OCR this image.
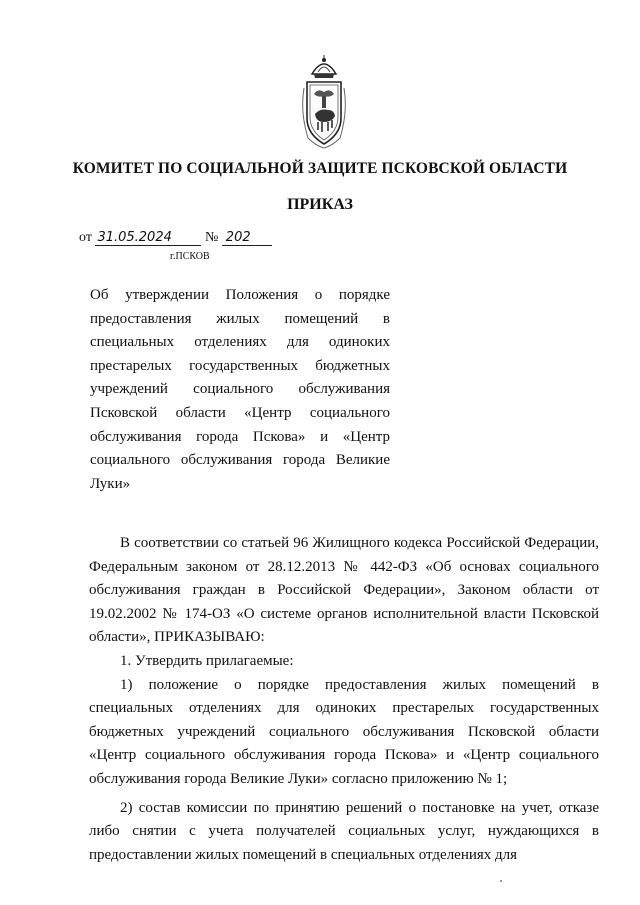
КОМИТЕТ ПО СОЦИАЛЬНОЙ ЗАЩИТЕ ПСКОВСКОЙ ОБЛАСТИ
ПРИКАЗ
от 31.05.2024 № 202
г.ПСКОВ

Об утверждении Положения о порядке предоставления жилых помещений в специальных отделениях для одиноких престарелых государственных бюджетных учреждений социального обслуживания Псковской области «Центр социального обслуживания города Пскова» и «Центр социального обслуживания города Великие Луки»

В соответствии со статьей 96 Жилищного кодекса Российской Федерации, Федеральным законом от 28.12.2013 № 442-ФЗ «Об основах социального обслуживания граждан в Российской Федерации», Законом области от 19.02.2002 № 174-ОЗ «О системе органов исполнительной власти Псковской области», ПРИКАЗЫВАЮ:

1. Утвердить прилагаемые:

1) положение о порядке предоставления жилых помещений в специальных отделениях для одиноких престарелых государственных бюджетных учреждений социального обслуживания Псковской области «Центр социального обслуживания города Пскова» и «Центр социального обслуживания города Великие Луки» согласно приложению № 1;

2) состав комиссии по принятию решений о постановке на учет, отказе либо снятии с учета получателей социальных услуг, нуждающихся в предоставлении жилых помещений в специальных отделениях для
